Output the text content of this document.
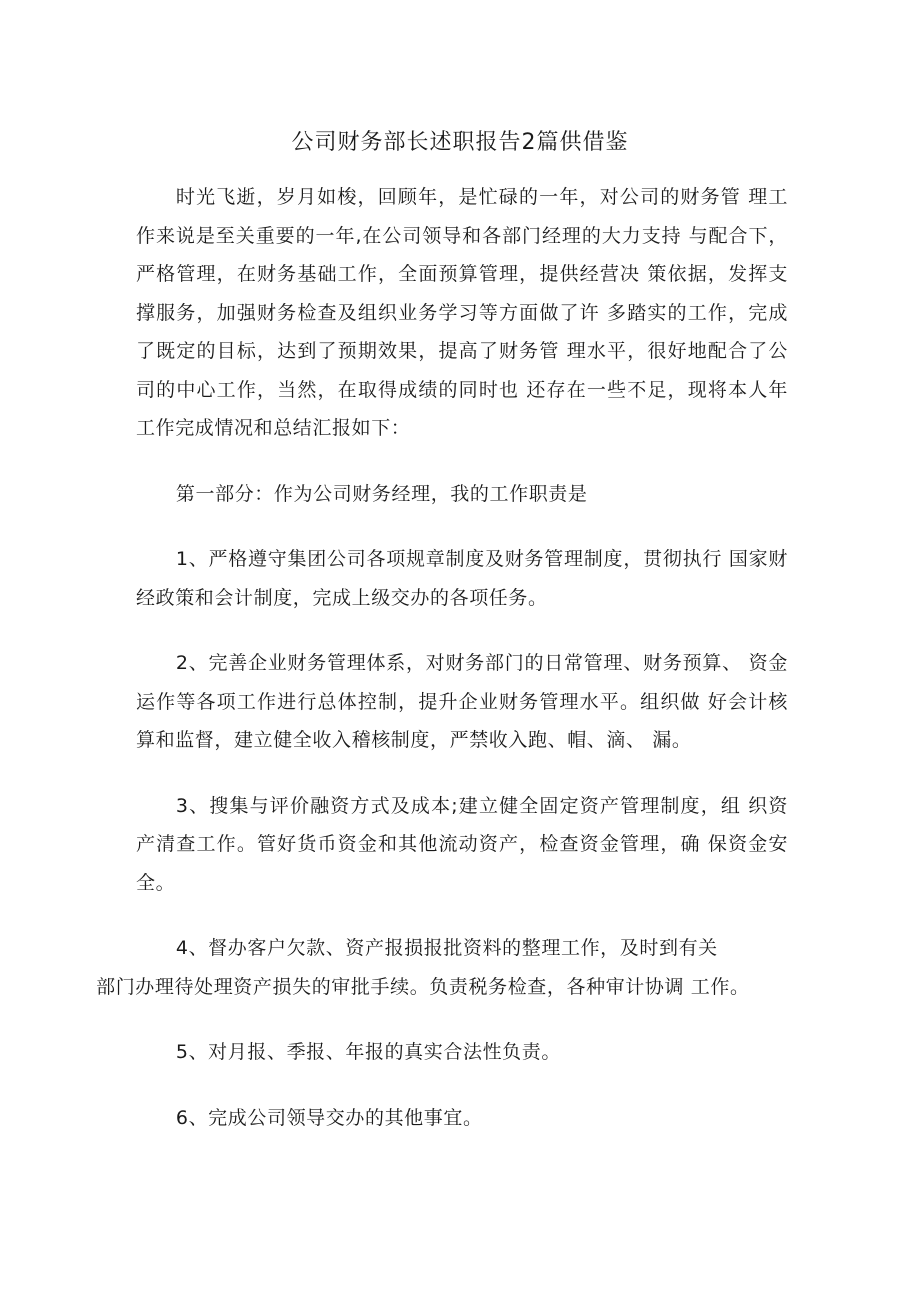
公司财务部长述职报告2篇供借鉴

时光飞逝，岁月如梭，回顾年，是忙碌的一年，对公司的财务管 理工作来说是至关重要的一年,在公司领导和各部门经理的大力支持 与配合下，严格管理，在财务基础工作，全面预算管理，提供经营决 策依据，发挥支撑服务，加强财务检查及组织业务学习等方面做了许 多踏实的工作，完成了既定的目标，达到了预期效果，提高了财务管 理水平，很好地配合了公司的中心工作，当然，在取得成绩的同时也 还存在一些不足，现将本人年工作完成情况和总结汇报如下：

第一部分：作为公司财务经理，我的工作职责是

1、严格遵守集团公司各项规章制度及财务管理制度，贯彻执行 国家财经政策和会计制度，完成上级交办的各项任务。

2、完善企业财务管理体系，对财务部门的日常管理、财务预算、 资金运作等各项工作进行总体控制，提升企业财务管理水平。组织做 好会计核算和监督，建立健全收入稽核制度，严禁收入跑、帽、滴、 漏。

3、搜集与评价融资方式及成本;建立健全固定资产管理制度，组 织资产清查工作。管好货币资金和其他流动资产，检查资金管理，确 保资金安全。

4、督办客户欠款、资产报损报批资料的整理工作，及时到有关
部门办理待处理资产损失的审批手续。负责税务检查，各种审计协调 工作。

5、对月报、季报、年报的真实合法性负责。

6、完成公司领导交办的其他事宜。
